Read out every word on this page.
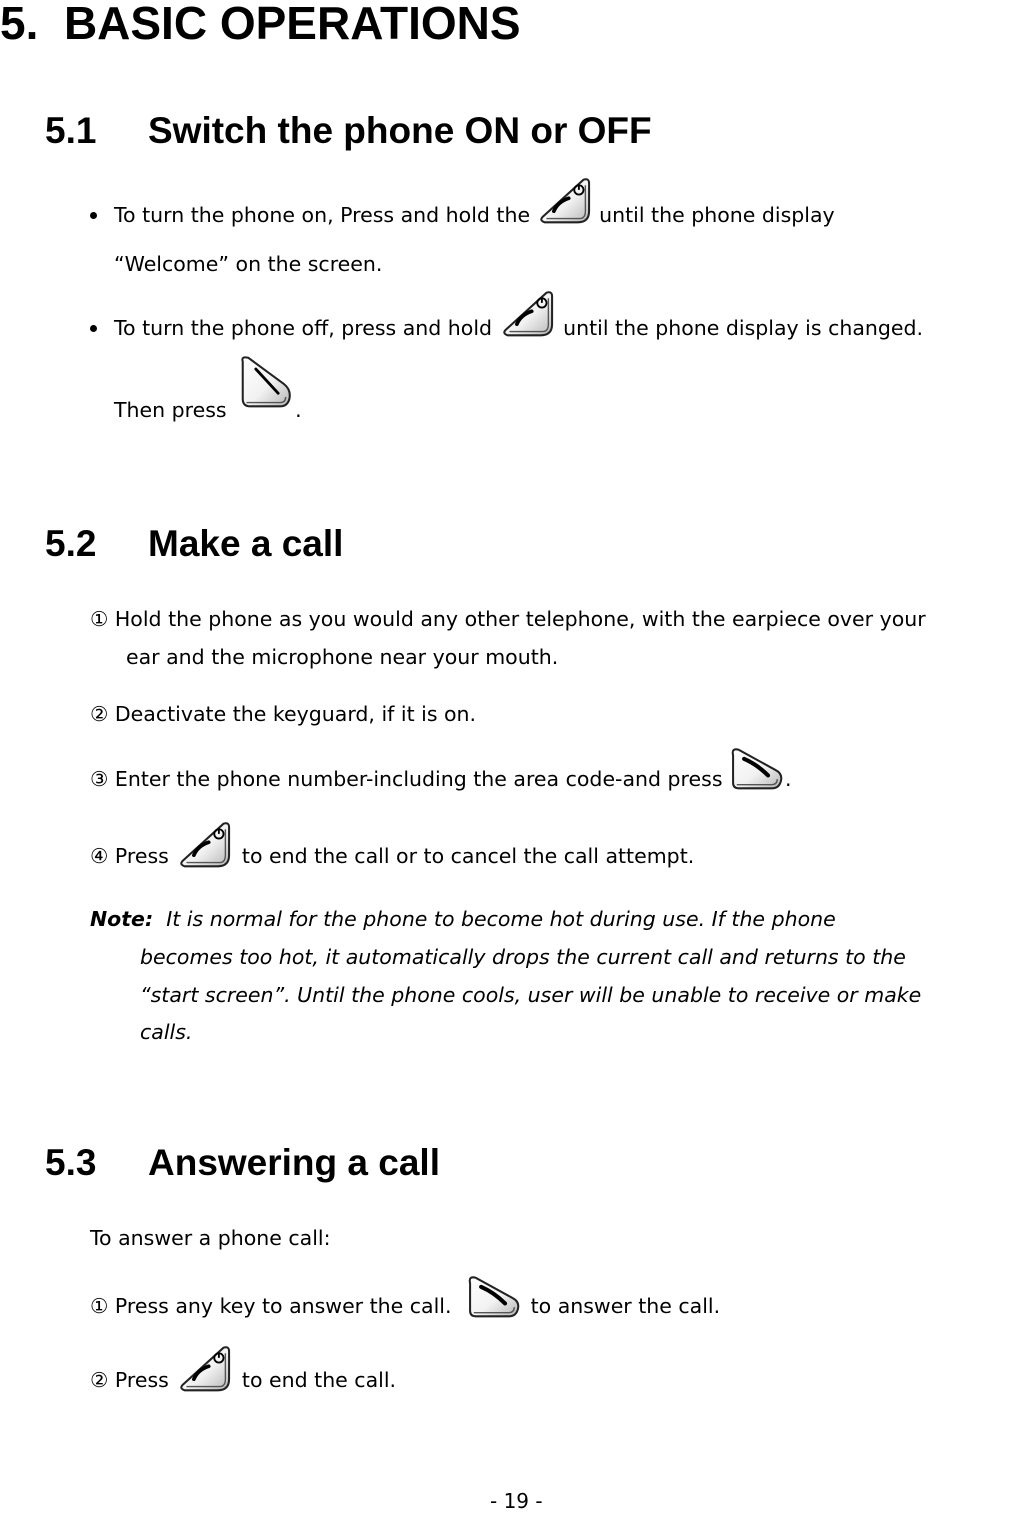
5. BASIC OPERATIONS
5.1 Switch the phone ON or OFF
To turn the phone on, Press and hold the	until the phone display
“Welcome” on the screen.
To turn the phone off, press and hold	until the phone display is changed.
Then press	.
5.2 Make a call
① Hold the phone as you would any other telephone, with the earpiece over your
ear and the microphone near your mouth.
② Deactivate the keyguard, if it is on.
③ Enter the phone number-including the area code-and press	.
④ Press	to end the call or to cancel the call attempt.
Note: It is normal for the phone to become hot during use. If the phone
becomes too hot, it automatically drops the current call and returns to the
“start screen”. Until the phone cools, user will be unable to receive or make
calls.
5.3 Answering a call
To answer a phone call:
① Press any key to answer the call.	to answer the call.
② Press	to end the call.
- 19 -
